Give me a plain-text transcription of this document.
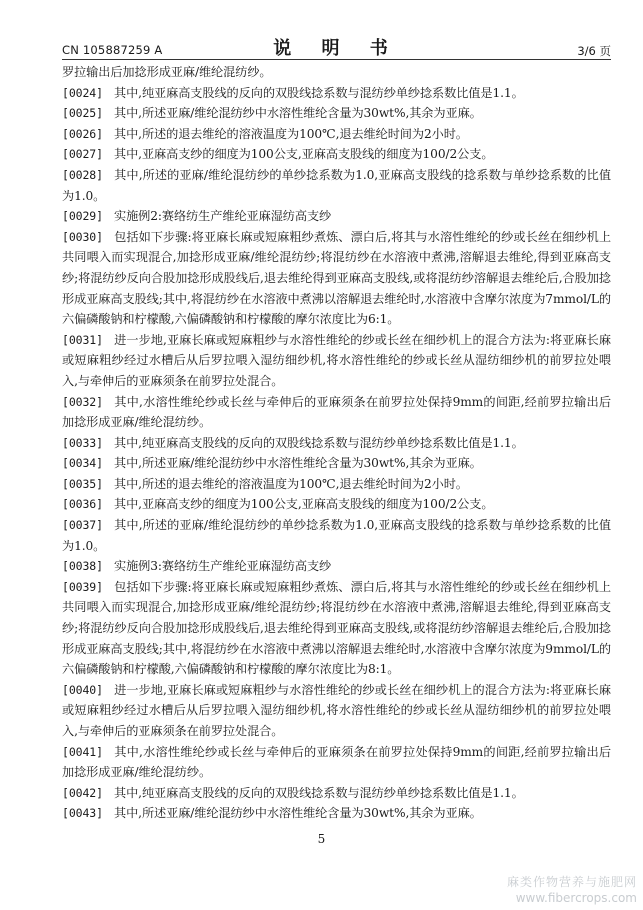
CN 105887259 A	说 明 书	3/6 页

罗拉输出后加捻形成亚麻/维纶混纺纱。

[0024] 其中,纯亚麻高支股线的反向的双股线捻系数与混纺纱单纱捻系数比值是1.1。

[0025] 其中,所述亚麻/维纶混纺纱中水溶性维纶含量为30wt%,其余为亚麻。

[0026] 其中,所述的退去维纶的溶液温度为100℃,退去维纶时间为2小时。

[0027] 其中,亚麻高支纱的细度为100公支,亚麻高支股线的细度为100/2公支。

[0028] 其中,所述的亚麻/维纶混纺纱的单纱捻系数为1.0,亚麻高支股线的捻系数与单纱捻系数的比值为1.0。

[0029] 实施例2:赛络纺生产维纶亚麻湿纺高支纱

[0030] 包括如下步骤:将亚麻长麻或短麻粗纱煮炼、漂白后,将其与水溶性维纶的纱或长丝在细纱机上共同喂入而实现混合,加捻形成亚麻/维纶混纺纱;将混纺纱在水溶液中煮沸,溶解退去维纶,得到亚麻高支纱;将混纺纱反向合股加捻形成股线后,退去维纶得到亚麻高支股线,或将混纺纱溶解退去维纶后,合股加捻形成亚麻高支股线;其中,将混纺纱在水溶液中煮沸以溶解退去维纶时,水溶液中含摩尔浓度为7mmol/L的六偏磷酸钠和柠檬酸,六偏磷酸钠和柠檬酸的摩尔浓度比为6:1。

[0031] 进一步地,亚麻长麻或短麻粗纱与水溶性维纶的纱或长丝在细纱机上的混合方法为:将亚麻长麻或短麻粗纱经过水槽后从后罗拉喂入湿纺细纱机,将水溶性维纶的纱或长丝从湿纺细纱机的前罗拉处喂入,与牵伸后的亚麻须条在前罗拉处混合。

[0032] 其中,水溶性维纶纱或长丝与牵伸后的亚麻须条在前罗拉处保持9mm的间距,经前罗拉输出后加捻形成亚麻/维纶混纺纱。

[0033] 其中,纯亚麻高支股线的反向的双股线捻系数与混纺纱单纱捻系数比值是1.1。

[0034] 其中,所述亚麻/维纶混纺纱中水溶性维纶含量为30wt%,其余为亚麻。

[0035] 其中,所述的退去维纶的溶液温度为100℃,退去维纶时间为2小时。

[0036] 其中,亚麻高支纱的细度为100公支,亚麻高支股线的细度为100/2公支。

[0037] 其中,所述的亚麻/维纶混纺纱的单纱捻系数为1.0,亚麻高支股线的捻系数与单纱捻系数的比值为1.0。

[0038] 实施例3:赛络纺生产维纶亚麻湿纺高支纱

[0039] 包括如下步骤:将亚麻长麻或短麻粗纱煮炼、漂白后,将其与水溶性维纶的纱或长丝在细纱机上共同喂入而实现混合,加捻形成亚麻/维纶混纺纱;将混纺纱在水溶液中煮沸,溶解退去维纶,得到亚麻高支纱;将混纺纱反向合股加捻形成股线后,退去维纶得到亚麻高支股线,或将混纺纱溶解退去维纶后,合股加捻形成亚麻高支股线;其中,将混纺纱在水溶液中煮沸以溶解退去维纶时,水溶液中含摩尔浓度为9mmol/L的六偏磷酸钠和柠檬酸,六偏磷酸钠和柠檬酸的摩尔浓度比为8:1。

[0040] 进一步地,亚麻长麻或短麻粗纱与水溶性维纶的纱或长丝在细纱机上的混合方法为:将亚麻长麻或短麻粗纱经过水槽后从后罗拉喂入湿纺细纱机,将水溶性维纶的纱或长丝从湿纺细纱机的前罗拉处喂入,与牵伸后的亚麻须条在前罗拉处混合。

[0041] 其中,水溶性维纶纱或长丝与牵伸后的亚麻须条在前罗拉处保持9mm的间距,经前罗拉输出后加捻形成亚麻/维纶混纺纱。

[0042] 其中,纯亚麻高支股线的反向的双股线捻系数与混纺纱单纱捻系数比值是1.1。

[0043] 其中,所述亚麻/维纶混纺纱中水溶性维纶含量为30wt%,其余为亚麻。

5
麻类作物营养与施肥网
www.fibercrops.com
